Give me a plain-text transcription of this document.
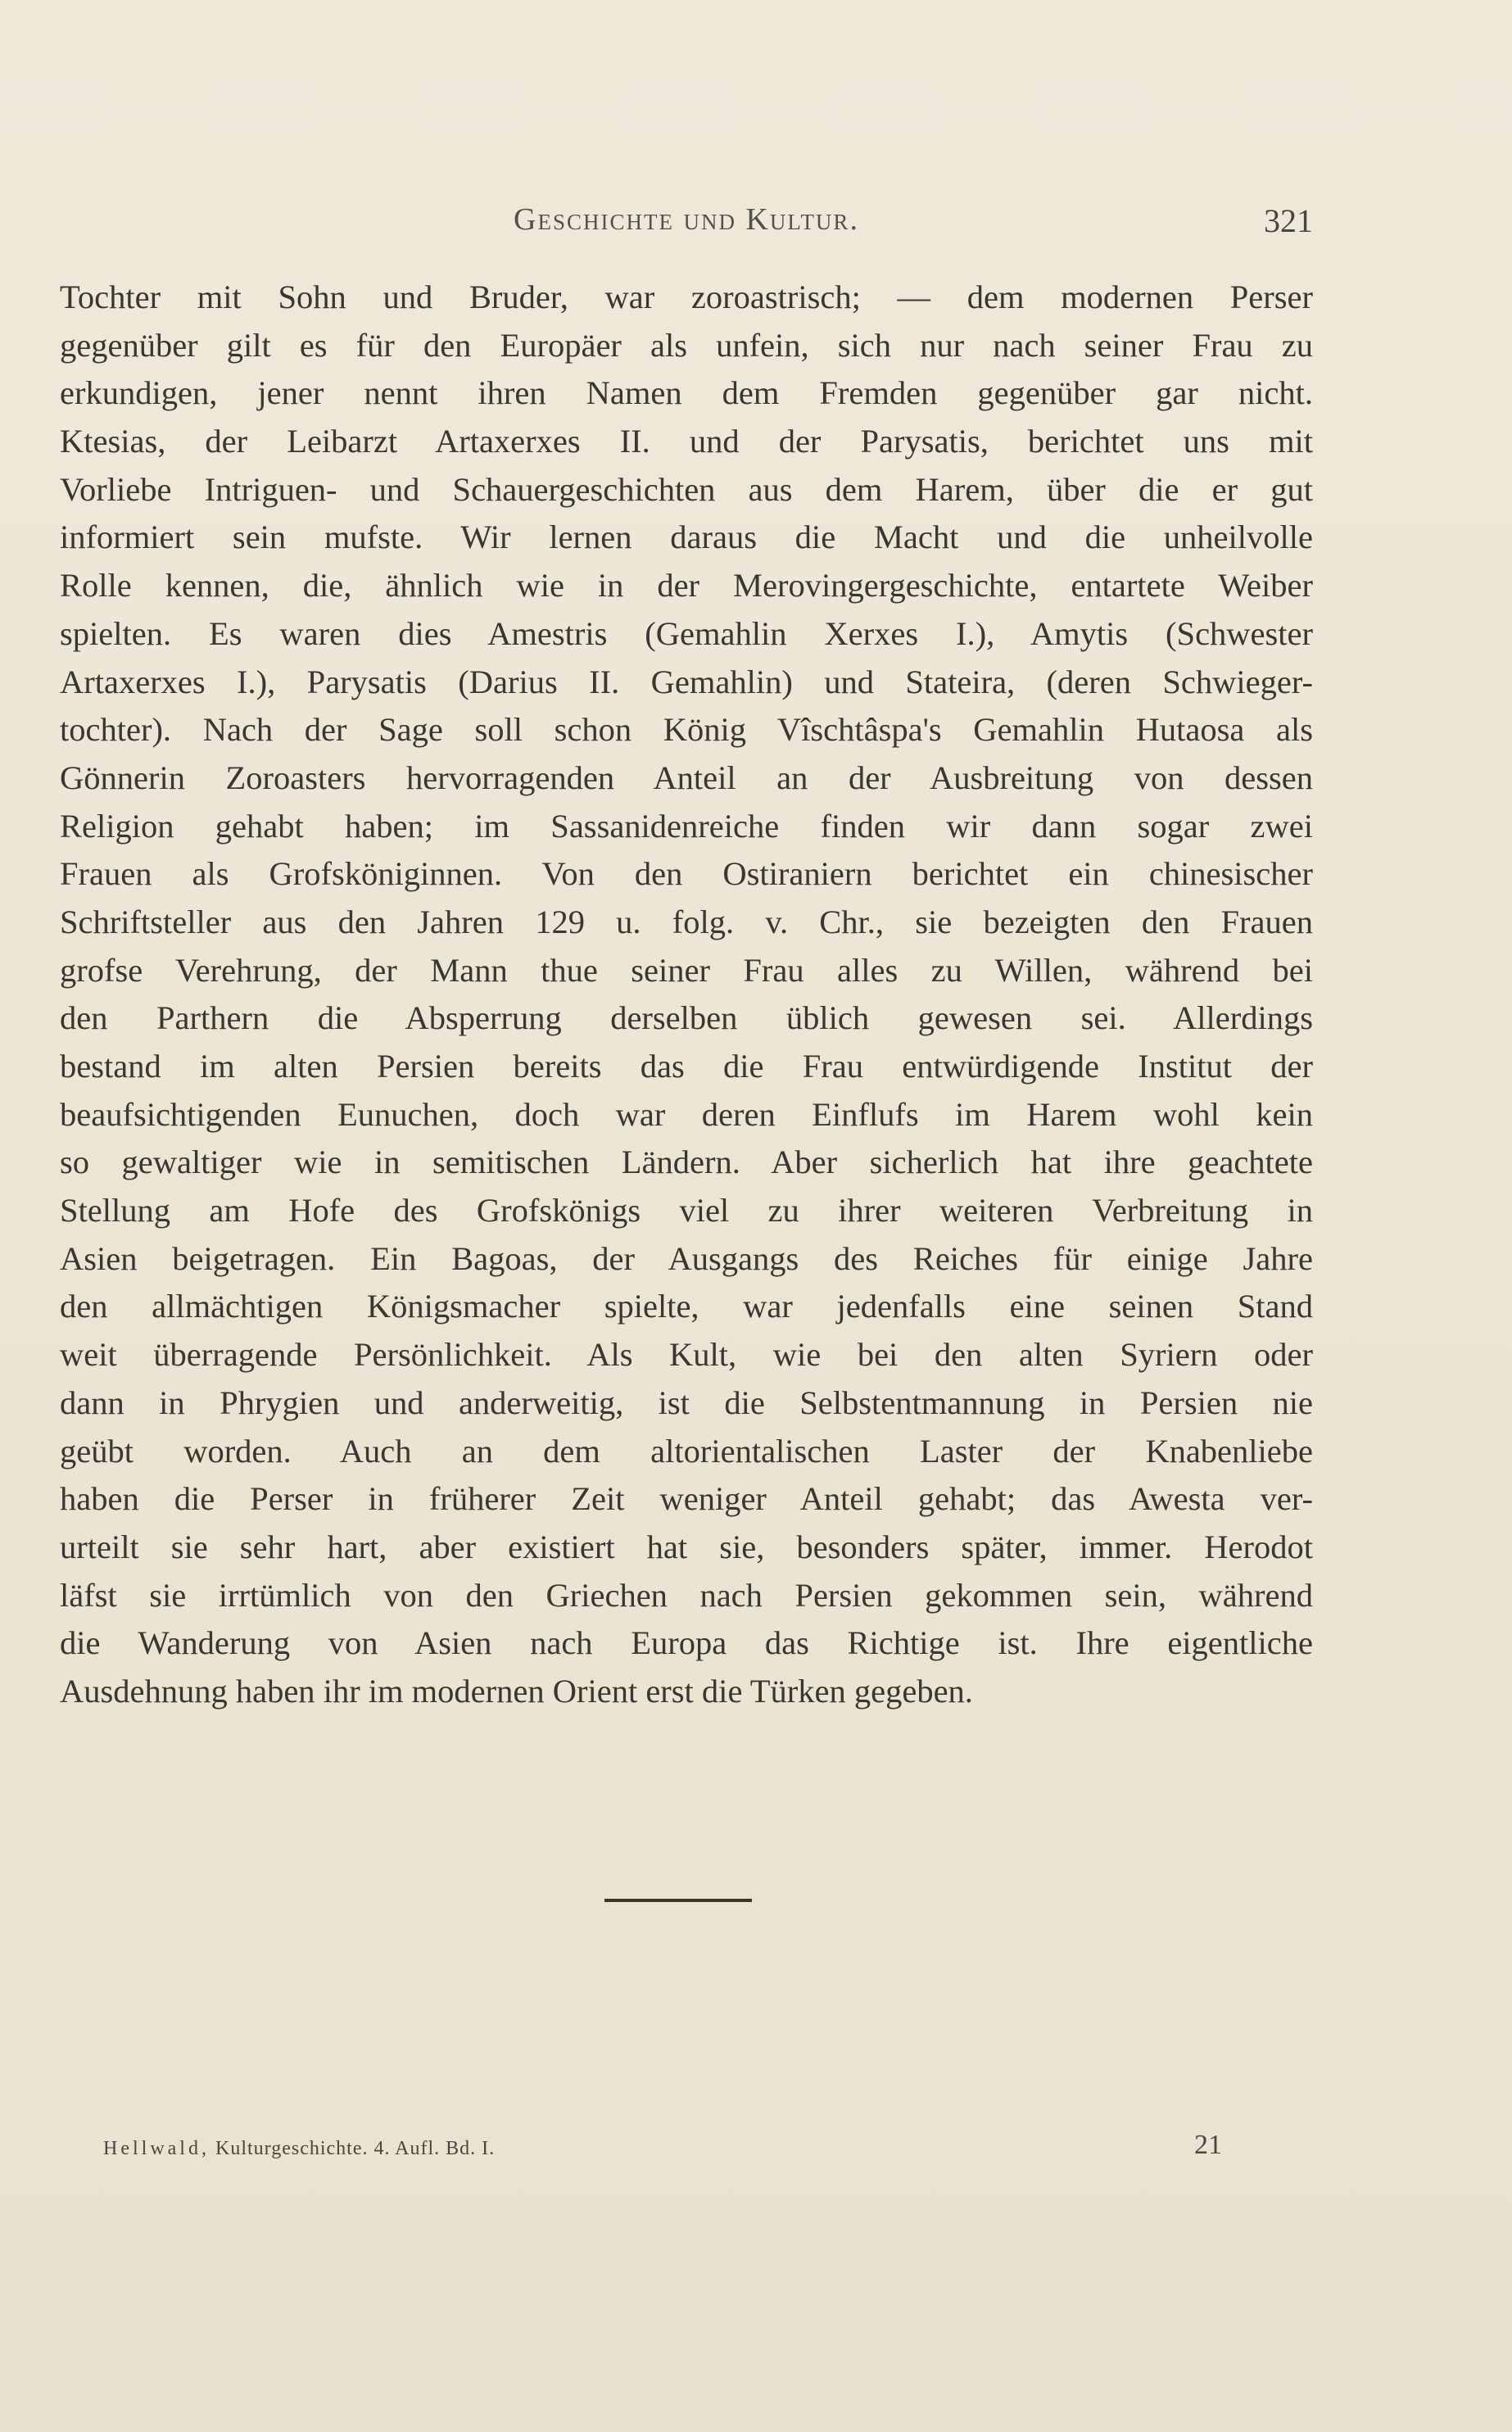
Geschichte und Kultur.	321
Tochter mit Sohn und Bruder, war zoroastrisch; — dem modernen Perser
gegenüber gilt es für den Europäer als unfein, sich nur nach seiner Frau zu
erkundigen, jener nennt ihren Namen dem Fremden gegenüber gar nicht.
Ktesias, der Leibarzt Artaxerxes II. und der Parysatis, berichtet uns mit
Vorliebe Intriguen- und Schauergeschichten aus dem Harem, über die er gut
informiert sein mufste. Wir lernen daraus die Macht und die unheilvolle
Rolle kennen, die, ähnlich wie in der Merovingergeschichte, entartete Weiber
spielten. Es waren dies Amestris (Gemahlin Xerxes I.), Amytis (Schwester
Artaxerxes I.), Parysatis (Darius II. Gemahlin) und Stateira, (deren Schwieger-
tochter). Nach der Sage soll schon König Vîschtâspa's Gemahlin Hutaosa als
Gönnerin Zoroasters hervorragenden Anteil an der Ausbreitung von dessen
Religion gehabt haben; im Sassanidenreiche finden wir dann sogar zwei
Frauen als Grofsköniginnen. Von den Ostiraniern berichtet ein chinesischer
Schriftsteller aus den Jahren 129 u. folg. v. Chr., sie bezeigten den Frauen
grofse Verehrung, der Mann thue seiner Frau alles zu Willen, während bei
den Parthern die Absperrung derselben üblich gewesen sei. Allerdings
bestand im alten Persien bereits das die Frau entwürdigende Institut der
beaufsichtigenden Eunuchen, doch war deren Einflufs im Harem wohl kein
so gewaltiger wie in semitischen Ländern. Aber sicherlich hat ihre geachtete
Stellung am Hofe des Grofskönigs viel zu ihrer weiteren Verbreitung in
Asien beigetragen. Ein Bagoas, der Ausgangs des Reiches für einige Jahre
den allmächtigen Königsmacher spielte, war jedenfalls eine seinen Stand
weit überragende Persönlichkeit. Als Kult, wie bei den alten Syriern oder
dann in Phrygien und anderweitig, ist die Selbstentmannung in Persien nie
geübt worden. Auch an dem altorientalischen Laster der Knabenliebe
haben die Perser in früherer Zeit weniger Anteil gehabt; das Awesta ver-
urteilt sie sehr hart, aber existiert hat sie, besonders später, immer. Herodot
läfst sie irrtümlich von den Griechen nach Persien gekommen sein, während
die Wanderung von Asien nach Europa das Richtige ist. Ihre eigentliche
Ausdehnung haben ihr im modernen Orient erst die Türken gegeben.
Hellwald, Kulturgeschichte. 4. Aufl. Bd. I.	21
